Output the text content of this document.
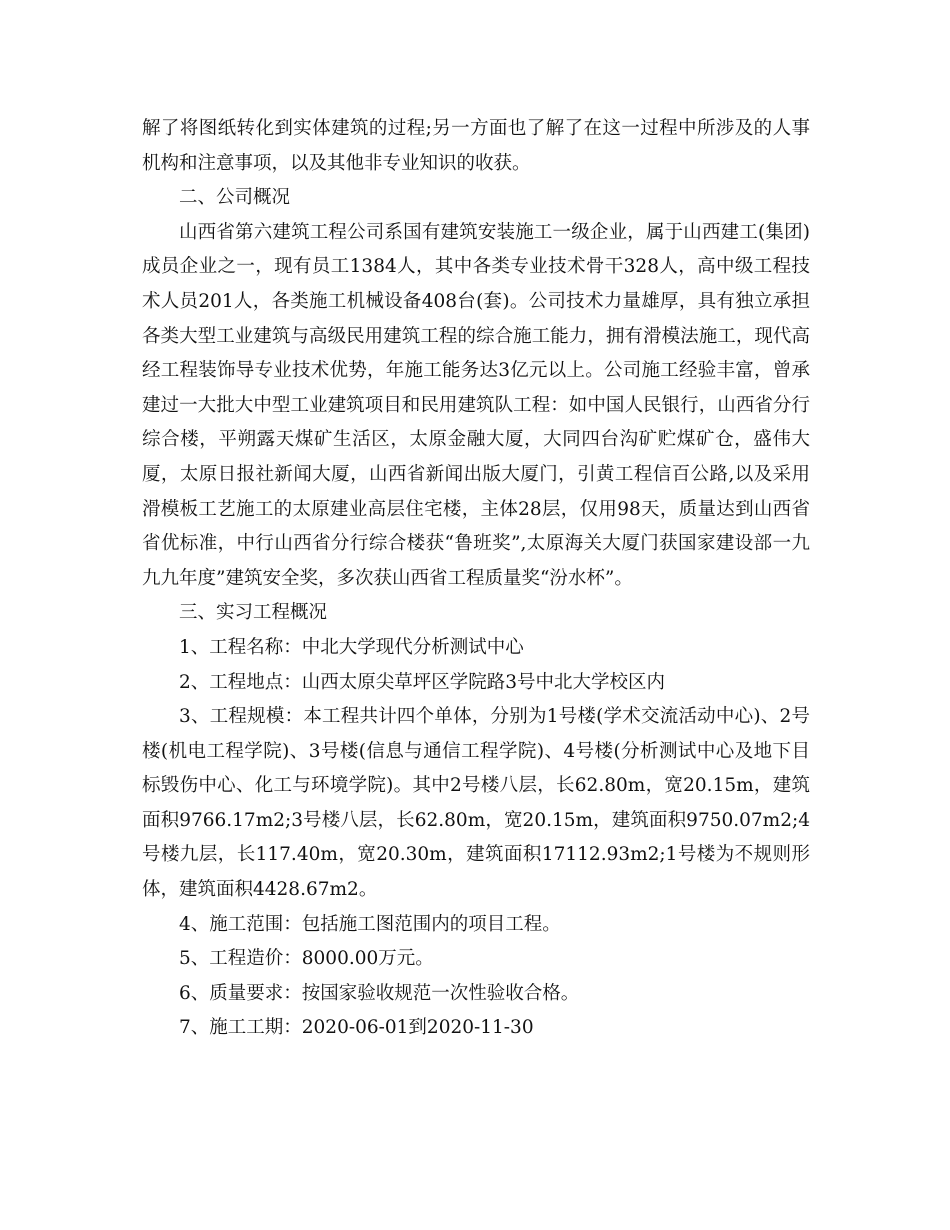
解了将图纸转化到实体建筑的过程;另一方面也了解了在这一过程中所涉及的人事机构和注意事项，以及其他非专业知识的收获。

二、公司概况

山西省第六建筑工程公司系国有建筑安装施工一级企业，属于山西建工(集团)成员企业之一，现有员工1384人，其中各类专业技术骨干328人，高中级工程技术人员201人，各类施工机械设备408台(套)。公司技术力量雄厚，具有独立承担各类大型工业建筑与高级民用建筑工程的综合施工能力，拥有滑模法施工，现代高经工程装饰导专业技术优势，年施工能务达3亿元以上。公司施工经验丰富，曾承建过一大批大中型工业建筑项目和民用建筑队工程：如中国人民银行，山西省分行综合楼，平朔露天煤矿生活区，太原金融大厦，大同四台沟矿贮煤矿仓，盛伟大厦，太原日报社新闻大厦，山西省新闻出版大厦门，引黄工程信百公路,以及采用滑模板工艺施工的太原建业高层住宅楼，主体28层，仅用98天，质量达到山西省省优标准，中行山西省分行综合楼获“鲁班奖”,太原海关大厦门获国家建设部一九九九年度”建筑安全奖，多次获山西省工程质量奖“汾水杯”。

三、实习工程概况

1、工程名称：中北大学现代分析测试中心

2、工程地点：山西太原尖草坪区学院路3号中北大学校区内

3、工程规模：本工程共计四个单体，分别为1号楼(学术交流活动中心)、2号楼(机电工程学院)、3号楼(信息与通信工程学院)、4号楼(分析测试中心及地下目标毁伤中心、化工与环境学院)。其中2号楼八层，长62.80m，宽20.15m，建筑面积9766.17m2;3号楼八层，长62.80m，宽20.15m，建筑面积9750.07m2;4号楼九层，长117.40m，宽20.30m，建筑面积17112.93m2;1号楼为不规则形体，建筑面积4428.67m2。

4、施工范围：包括施工图范围内的项目工程。

5、工程造价：8000.00万元。

6、质量要求：按国家验收规范一次性验收合格。

7、施工工期：2020-06-01到2020-11-30
